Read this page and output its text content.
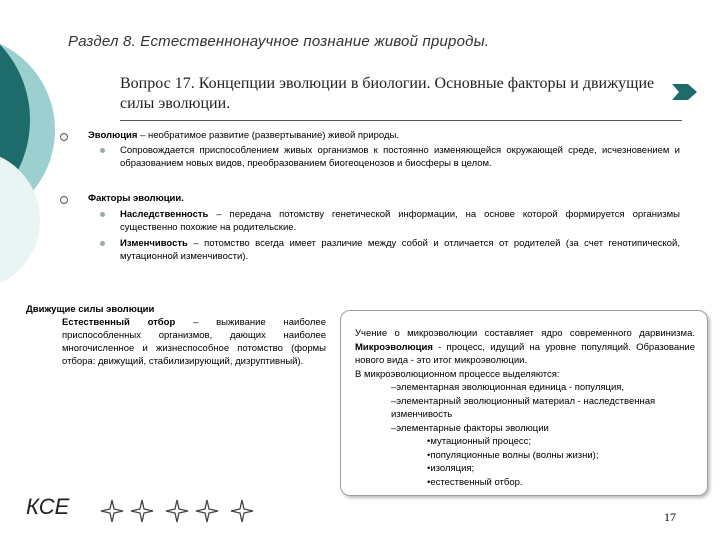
Раздел 8. Естественнонаучное познание живой природы.
Вопрос 17. Концепции эволюции в биологии. Основные факторы и движущие силы эволюции.
Эволюция – необратимое развитие (развертывание) живой природы.
Сопровождается приспособлением живых организмов к постоянно изменяющейся окружающей среде, исчезновением и образованием новых видов, преобразованием биогеоценозов и биосферы в целом.
Факторы эволюции.
Наследственность – передача потомству генетической информации, на основе которой формируется организмы существенно похожие на родительские.
Изменчивость – потомство всегда имеет различие между собой и отличается от родителей (за счет генотипической, мутационной изменчивости).
Движущие силы эволюции
Естественный отбор – выживание наиболее приспособленных организмов, дающих наиболее многочисленное и жизнеспособное потомство (формы отбора: движущий, стабилизирующий, дизруптивный).
Учение о микроэволюции составляет ядро современного дарвинизма. Микроэволюция - процесс, идущий на уровне популяций. Образование нового вида - это итог микроэволюции.
В микроэволюционном процессе выделяются:
–элементарная эволюционная единица - популяция,
–элементарный эволюционный материал - наследственная изменчивость
–элементарные факторы эволюции
•мутационный процесс;
•популяционные волны (волны жизни);
•изоляция;
•естественный отбор.
КСЕ	17
